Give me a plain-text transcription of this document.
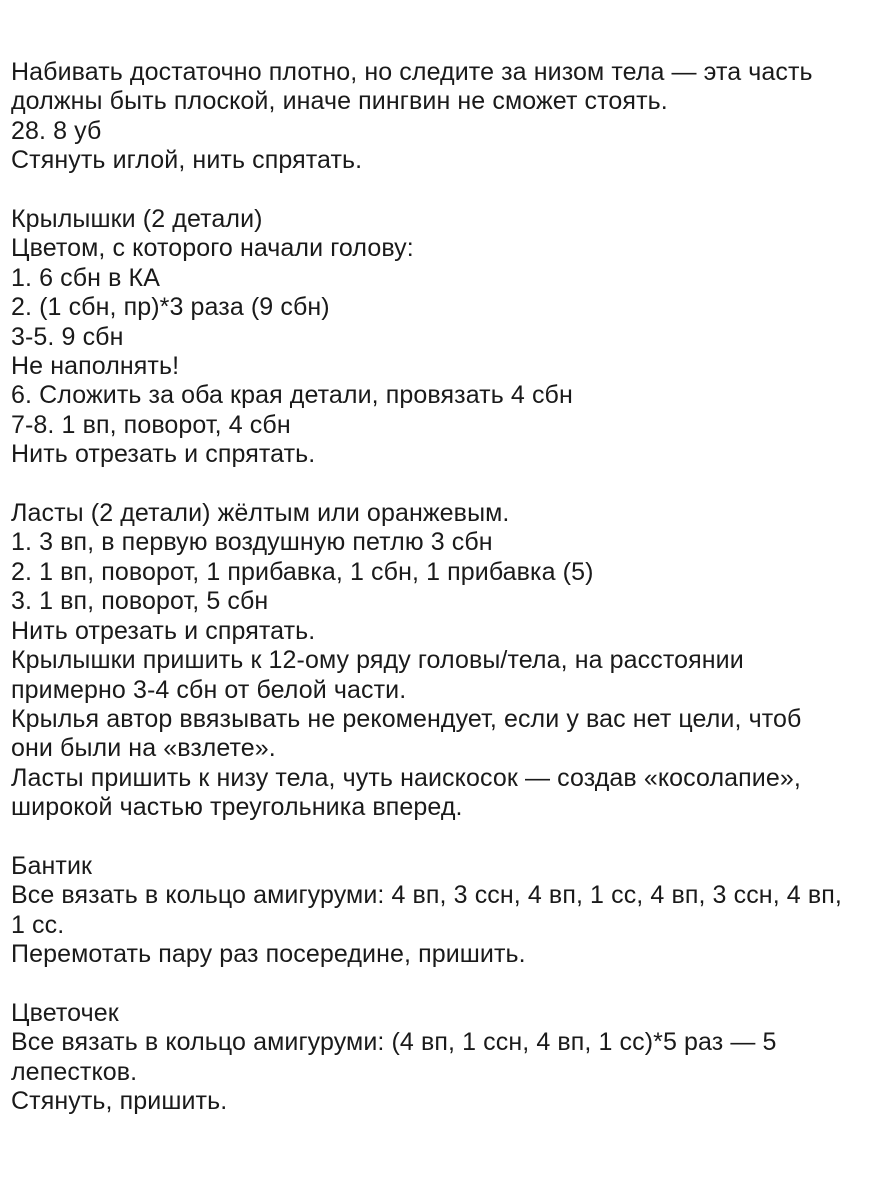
Набивать достаточно плотно, но следите за низом тела — эта часть
должны быть плоской, иначе пингвин не сможет стоять.
28. 8 уб
Стянуть иглой, нить спрятать.
Крылышки (2 детали)
Цветом, с которого начали голову:
1. 6 сбн в КА
2. (1 сбн, пр)*3 раза (9 сбн)
3-5. 9 сбн
Не наполнять!
6. Сложить за оба края детали, провязать 4 сбн
7-8. 1 вп, поворот, 4 сбн
Нить отрезать и спрятать.
Ласты (2 детали) жёлтым или оранжевым.
1. 3 вп, в первую воздушную петлю 3 сбн
2. 1 вп, поворот, 1 прибавка, 1 сбн, 1 прибавка (5)
3. 1 вп, поворот, 5 сбн
Нить отрезать и спрятать.
Крылышки пришить к 12-ому ряду головы/тела, на расстоянии
примерно 3-4 сбн от белой части.
Крылья автор ввязывать не рекомендует, если у вас нет цели, чтоб
они были на «взлете».
Ласты пришить к низу тела, чуть наискосок — создав «косолапие»,
широкой частью треугольника вперед.
Бантик
Все вязать в кольцо амигуруми: 4 вп, 3 ссн, 4 вп, 1 сс, 4 вп, 3 ссн, 4 вп,
1 сс.
Перемотать пару раз посередине, пришить.
Цветочек
Все вязать в кольцо амигуруми: (4 вп, 1 ссн, 4 вп, 1 сс)*5 раз — 5
лепестков.
Стянуть, пришить.
